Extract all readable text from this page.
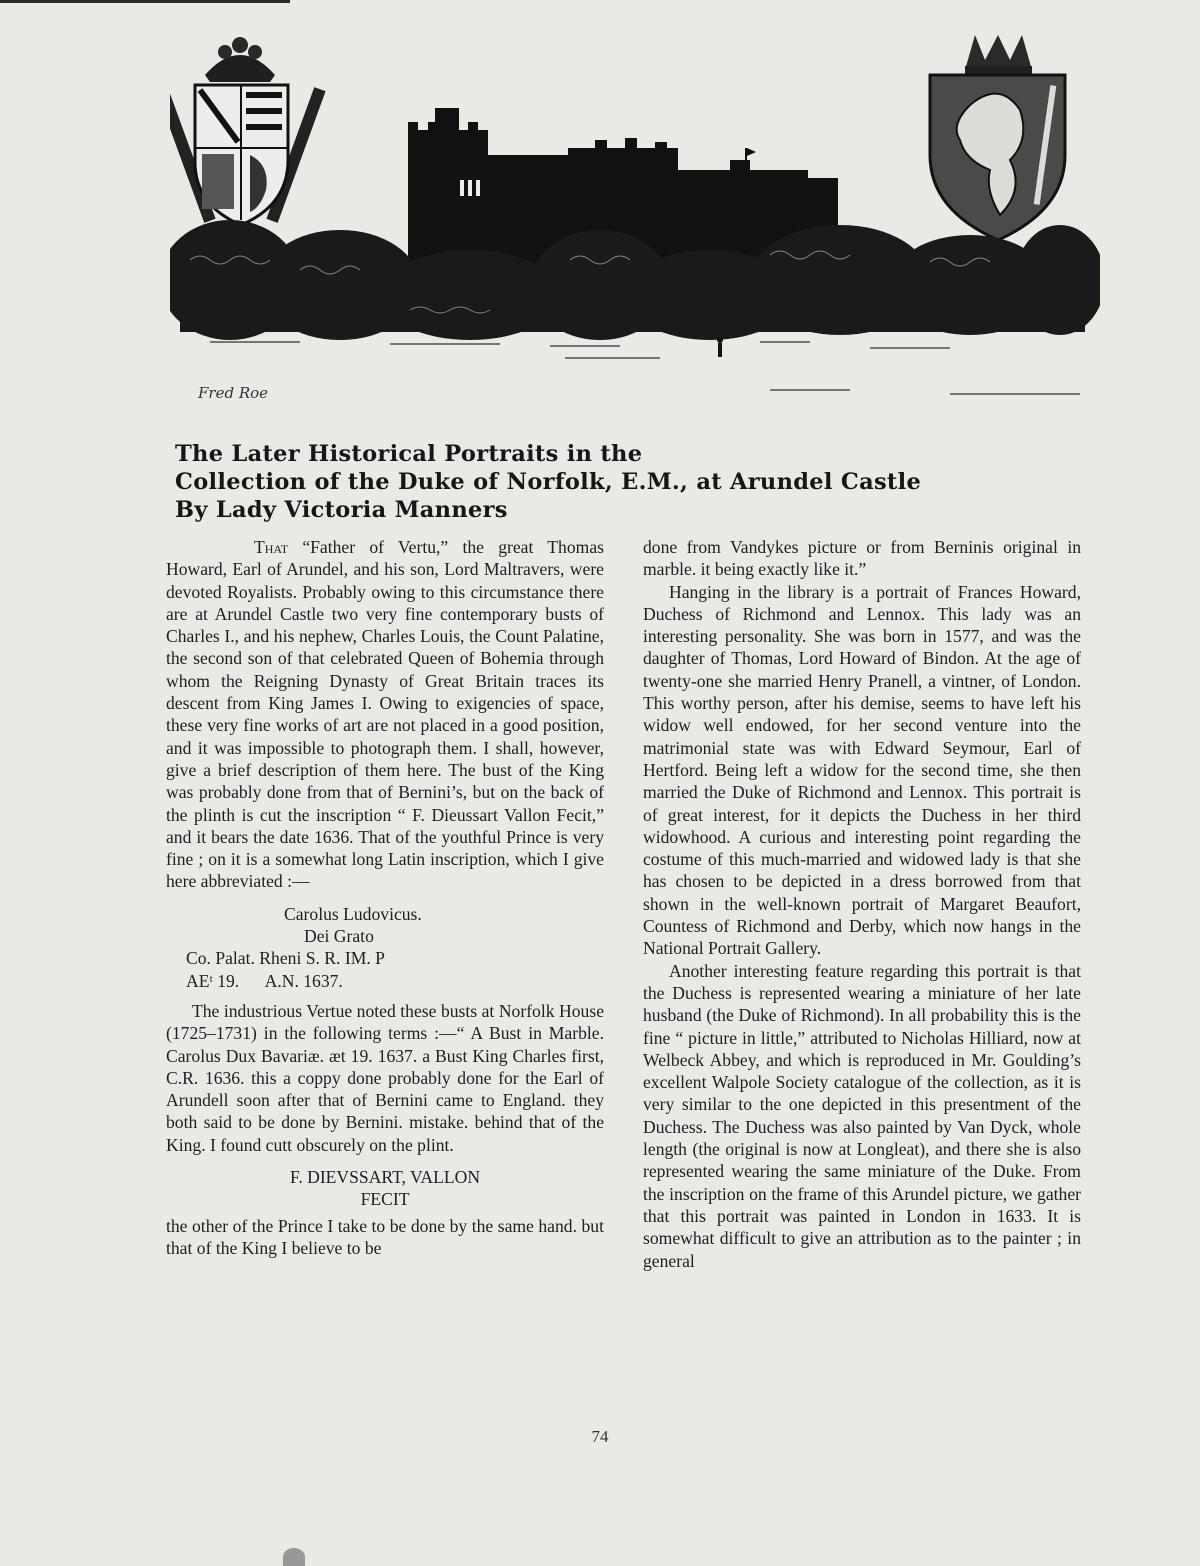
Fred Roe
The Later Historical Portraits in the
Collection of the Duke of Norfolk, E.M., at Arundel Castle
By Lady Victoria Manners

That “Father of Vertu,” the great Thomas Howard, Earl of Arundel, and his son, Lord Maltravers, were devoted Royalists. Probably owing to this circumstance there are at Arundel Castle two very fine contemporary busts of Charles I., and his nephew, Charles Louis, the Count Palatine, the second son of that celebrated Queen of Bohemia through whom the Reigning Dynasty of Great Britain traces its descent from King James I. Owing to exigencies of space, these very fine works of art are not placed in a good position, and it was impossible to photograph them. I shall, however, give a brief description of them here. The bust of the King was probably done from that of Bernini’s, but on the back of the plinth is cut the inscription “ F. Dieussart Vallon Fecit,” and it bears the date 1636. That of the youthful Prince is very fine ; on it is a somewhat long Latin inscription, which I give here abbreviated :—

Carolus Ludovicus.
Dei Grato
Co. Palat. Rheni S. R. IM. P
AEᵗ 19.      A.N. 1637.

The industrious Vertue noted these busts at Norfolk House (1725–1731) in the following terms :—“ A Bust in Marble. Carolus Dux Bavariæ. æt 19. 1637. a Bust King Charles first, C.R. 1636. this a coppy done probably done for the Earl of Arundell soon after that of Bernini came to England. they both said to be done by Bernini. mistake. behind that of the King. I found cutt obscurely on the plint.

F. DIEVSSART, VALLON
FECIT

the other of the Prince I take to be done by the same hand. but that of the King I believe to be

done from Vandykes picture or from Berninis original in marble. it being exactly like it.”

Hanging in the library is a portrait of Frances Howard, Duchess of Richmond and Lennox. This lady was an interesting personality. She was born in 1577, and was the daughter of Thomas, Lord Howard of Bindon. At the age of twenty-one she married Henry Pranell, a vintner, of London. This worthy person, after his demise, seems to have left his widow well endowed, for her second venture into the matrimonial state was with Edward Seymour, Earl of Hertford. Being left a widow for the second time, she then married the Duke of Richmond and Lennox. This portrait is of great interest, for it depicts the Duchess in her third widowhood. A curious and interesting point regarding the costume of this much-married and widowed lady is that she has chosen to be depicted in a dress borrowed from that shown in the well-known portrait of Margaret Beaufort, Countess of Richmond and Derby, which now hangs in the National Portrait Gallery.

Another interesting feature regarding this portrait is that the Duchess is represented wearing a miniature of her late husband (the Duke of Richmond). In all probability this is the fine “ picture in little,” attributed to Nicholas Hilliard, now at Welbeck Abbey, and which is reproduced in Mr. Goulding’s excellent Walpole Society catalogue of the collection, as it is very similar to the one depicted in this presentment of the Duchess. The Duchess was also painted by Van Dyck, whole length (the original is now at Longleat), and there she is also represented wearing the same miniature of the Duke. From the inscription on the frame of this Arundel picture, we gather that this portrait was painted in London in 1633. It is somewhat difficult to give an attribution as to the painter ; in general

74
